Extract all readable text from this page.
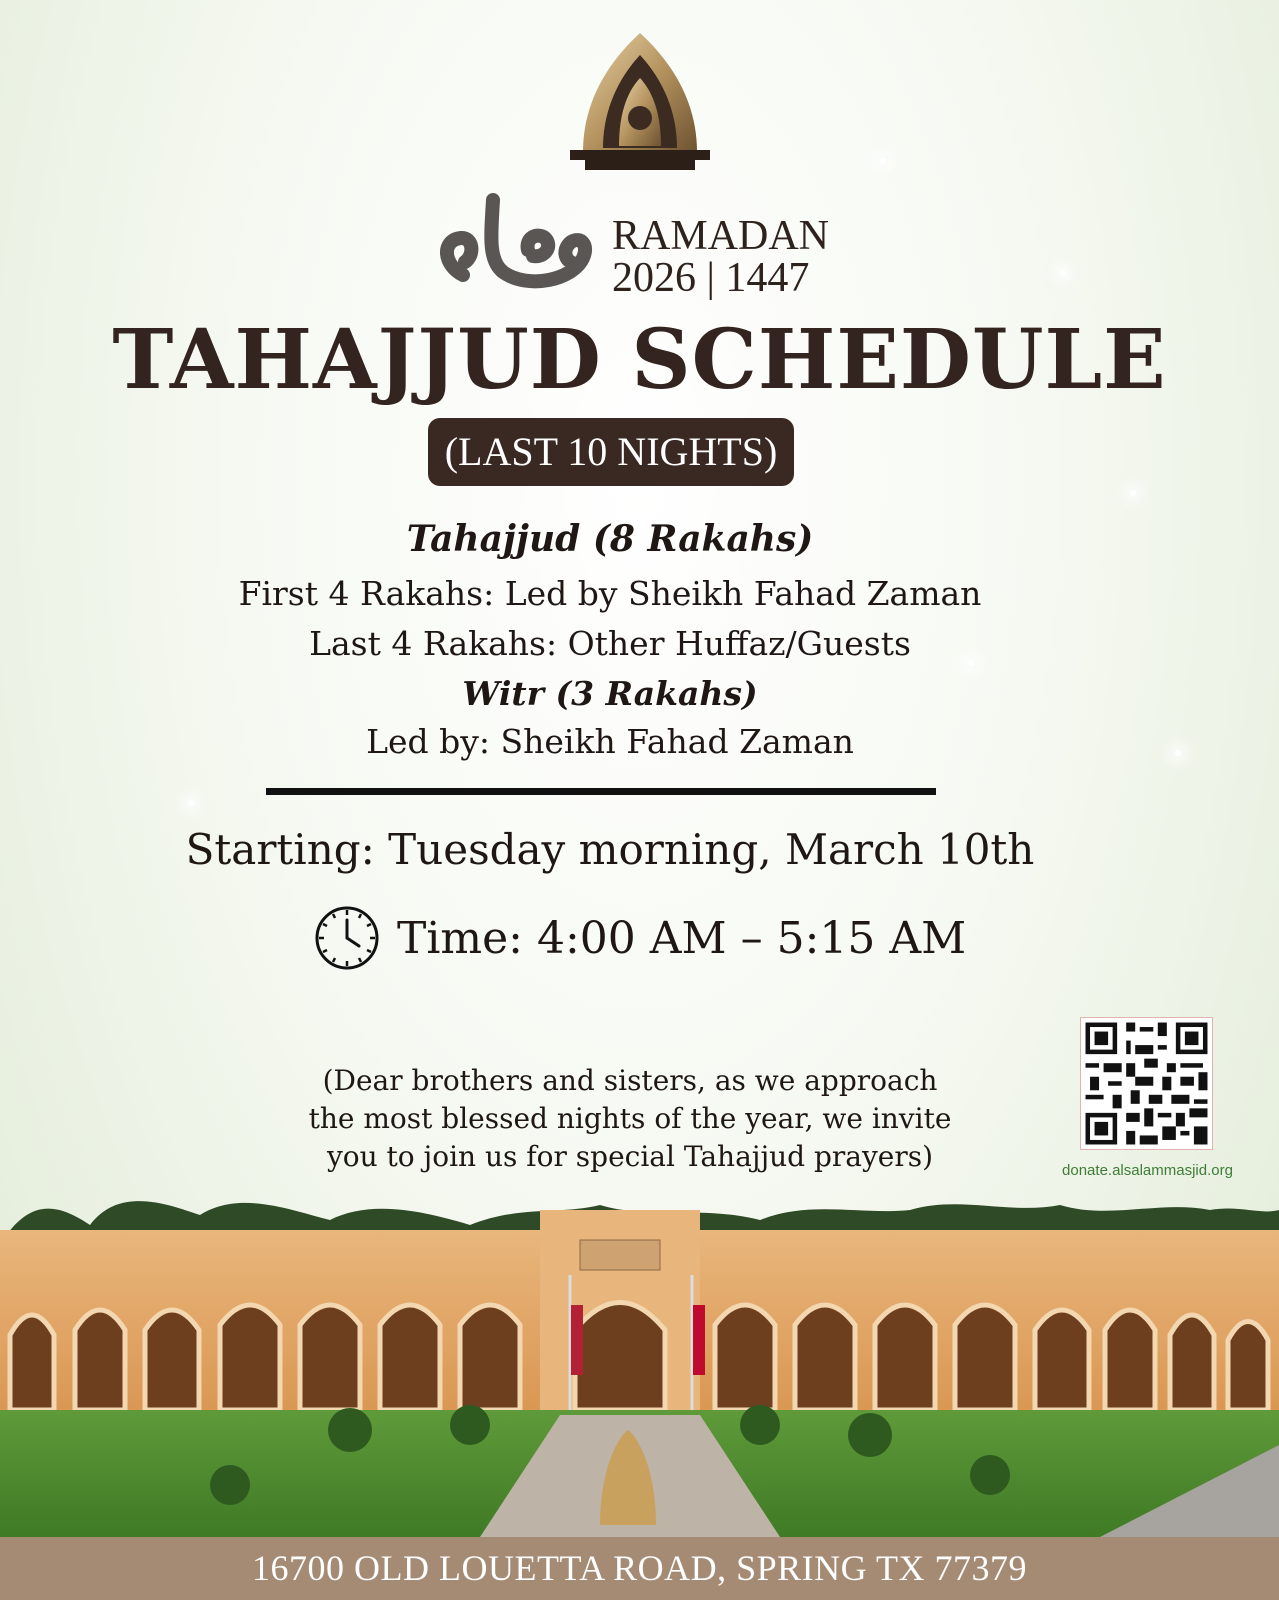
RAMADAN
2026 | 1447
TAHAJJUD SCHEDULE
(LAST 10 NIGHTS)
Tahajjud (8 Rakahs)
First 4 Rakahs: Led by Sheikh Fahad Zaman
Last 4 Rakahs: Other Huffaz/Guests
Witr (3 Rakahs)
Led by: Sheikh Fahad Zaman
Starting: Tuesday morning, March 10th
Time: 4:00 AM – 5:15 AM
(Dear brothers and sisters, as we approach
the most blessed nights of the year, we invite
you to join us for special Tahajjud prayers)	donate.alsalammasjid.org
16700 OLD LOUETTA ROAD, SPRING TX 77379
